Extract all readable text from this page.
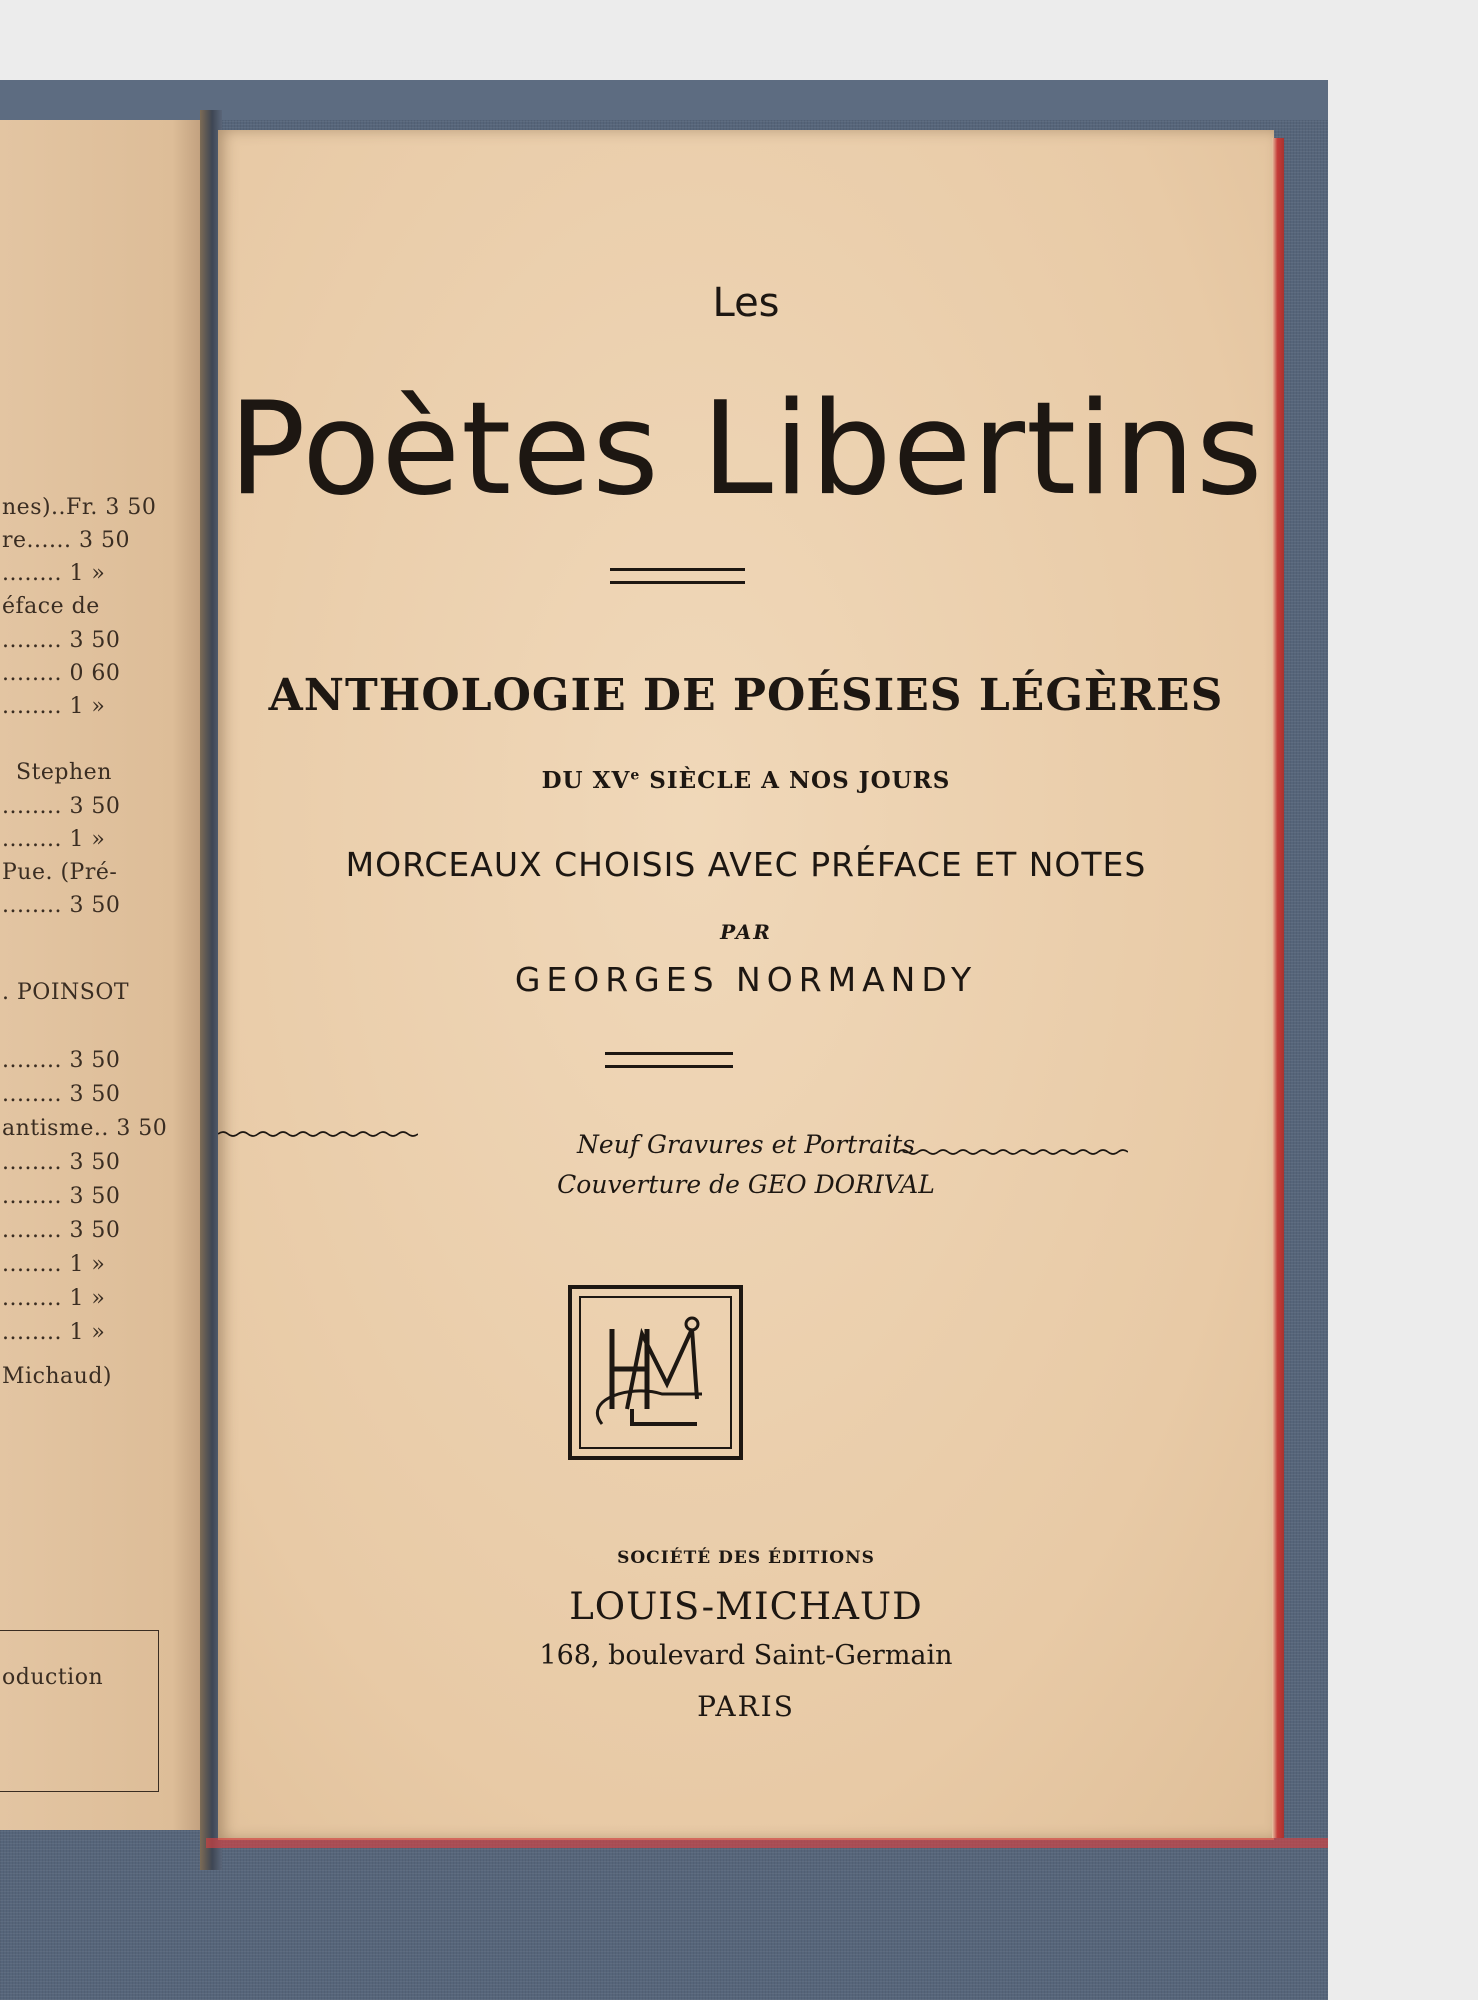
nes)..Fr. 3 50
re...... 3 50
........ 1 »
éface de
........ 3 50
........ 0 60
........ 1 »
Stephen
........ 3 50
........ 1 »
Pue. (Pré-
........ 3 50
. POINSOT
........ 3 50
........ 3 50
antisme.. 3 50
........ 3 50
........ 3 50
........ 3 50
........ 1 »
........ 1 »
........ 1 »
Michaud)
oduction
Les
Poètes Libertins
ANTHOLOGIE DE POÉSIES LÉGÈRES
DU XVe SIÈCLE A NOS JOURS
MORCEAUX CHOISIS AVEC PRÉFACE ET NOTES
PAR
GEORGES NORMANDY
Neuf Gravures et Portraits
Couverture de GEO DORIVAL
SOCIÉTÉ DES ÉDITIONS
LOUIS-MICHAUD
168, boulevard Saint-Germain
PARIS
